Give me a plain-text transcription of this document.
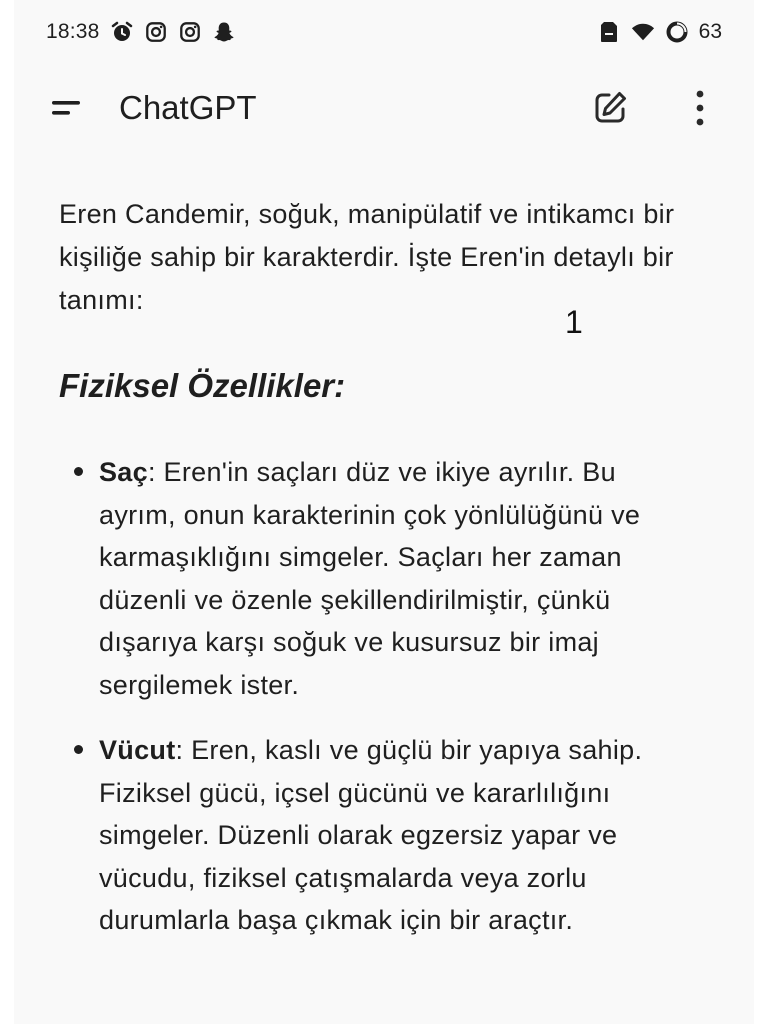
18:38	63
ChatGPT

Eren Candemir, soğuk, manipülatif ve intikamcı bir kişiliğe sahip bir karakterdir. İşte Eren'in detaylı bir tanımı:

1
Fiziksel Özellikler:
Saç: Eren'in saçları düz ve ikiye ayrılır. Bu ayrım, onun karakterinin çok yönlülüğünü ve karmaşıklığını simgeler. Saçları her zaman düzenli ve özenle şekillendirilmiştir, çünkü dışarıya karşı soğuk ve kusursuz bir imaj sergilemek ister.
Vücut: Eren, kaslı ve güçlü bir yapıya sahip. Fiziksel gücü, içsel gücünü ve kararlılığını simgeler. Düzenli olarak egzersiz yapar ve vücudu, fiziksel çatışmalarda veya zorlu durumlarla başa çıkmak için bir araçtır.
